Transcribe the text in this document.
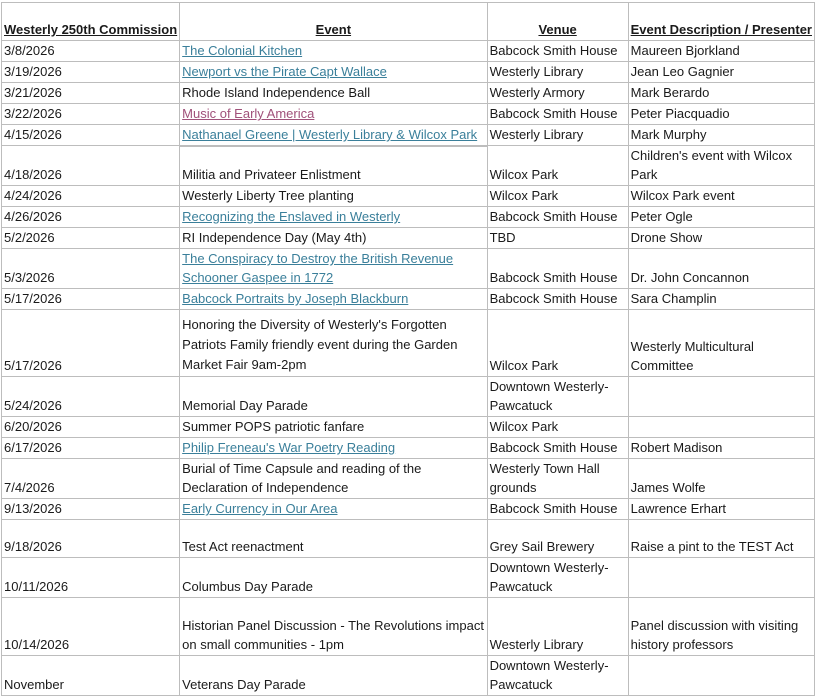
Westerly 250th Commission	Event	Venue	Event Description / Presenter
3/8/2026	The Colonial Kitchen	Babcock Smith House	Maureen Bjorkland
3/19/2026	Newport vs the Pirate Capt Wallace	Westerly Library	Jean Leo Gagnier
3/21/2026	Rhode Island Independence Ball	Westerly Armory	Mark Berardo
3/22/2026	Music of Early America	Babcock Smith House	Peter Piacquadio
4/15/2026	Nathanael Greene | Westerly Library & Wilcox Park	Westerly Library	Mark Murphy
4/18/2026	Militia and Privateer Enlistment	Wilcox Park	Children's event with Wilcox Park
4/24/2026	Westerly Liberty Tree planting	Wilcox Park	Wilcox Park event
4/26/2026	Recognizing the Enslaved in Westerly	Babcock Smith House	Peter Ogle
5/2/2026	RI Independence Day (May 4th)	TBD	Drone Show
5/3/2026	The Conspiracy to Destroy the British Revenue Schooner Gaspee in 1772	Babcock Smith House	Dr. John Concannon
5/17/2026	Babcock Portraits by Joseph Blackburn	Babcock Smith House	Sara Champlin
5/17/2026	Honoring the Diversity of Westerly's Forgotten Patriots Family friendly event during the Garden Market Fair 9am-2pm	Wilcox Park	Westerly Multicultural Committee
5/24/2026	Memorial Day Parade	Downtown Westerly-Pawcatuck	
6/20/2026	Summer POPS patriotic fanfare	Wilcox Park	
6/17/2026	Philip Freneau's War Poetry Reading	Babcock Smith House	Robert Madison
7/4/2026	Burial of Time Capsule and reading of the Declaration of Independence	Westerly Town Hall grounds	James Wolfe
9/13/2026	Early Currency in Our Area	Babcock Smith House	Lawrence Erhart
9/18/2026	Test Act reenactment	Grey Sail Brewery	Raise a pint to the TEST Act
10/11/2026	Columbus Day Parade	Downtown Westerly-Pawcatuck	
10/14/2026	Historian Panel Discussion - The Revolutions impact on small communities - 1pm	Westerly Library	Panel discussion with visiting history professors
November	Veterans Day Parade	Downtown Westerly-Pawcatuck	
